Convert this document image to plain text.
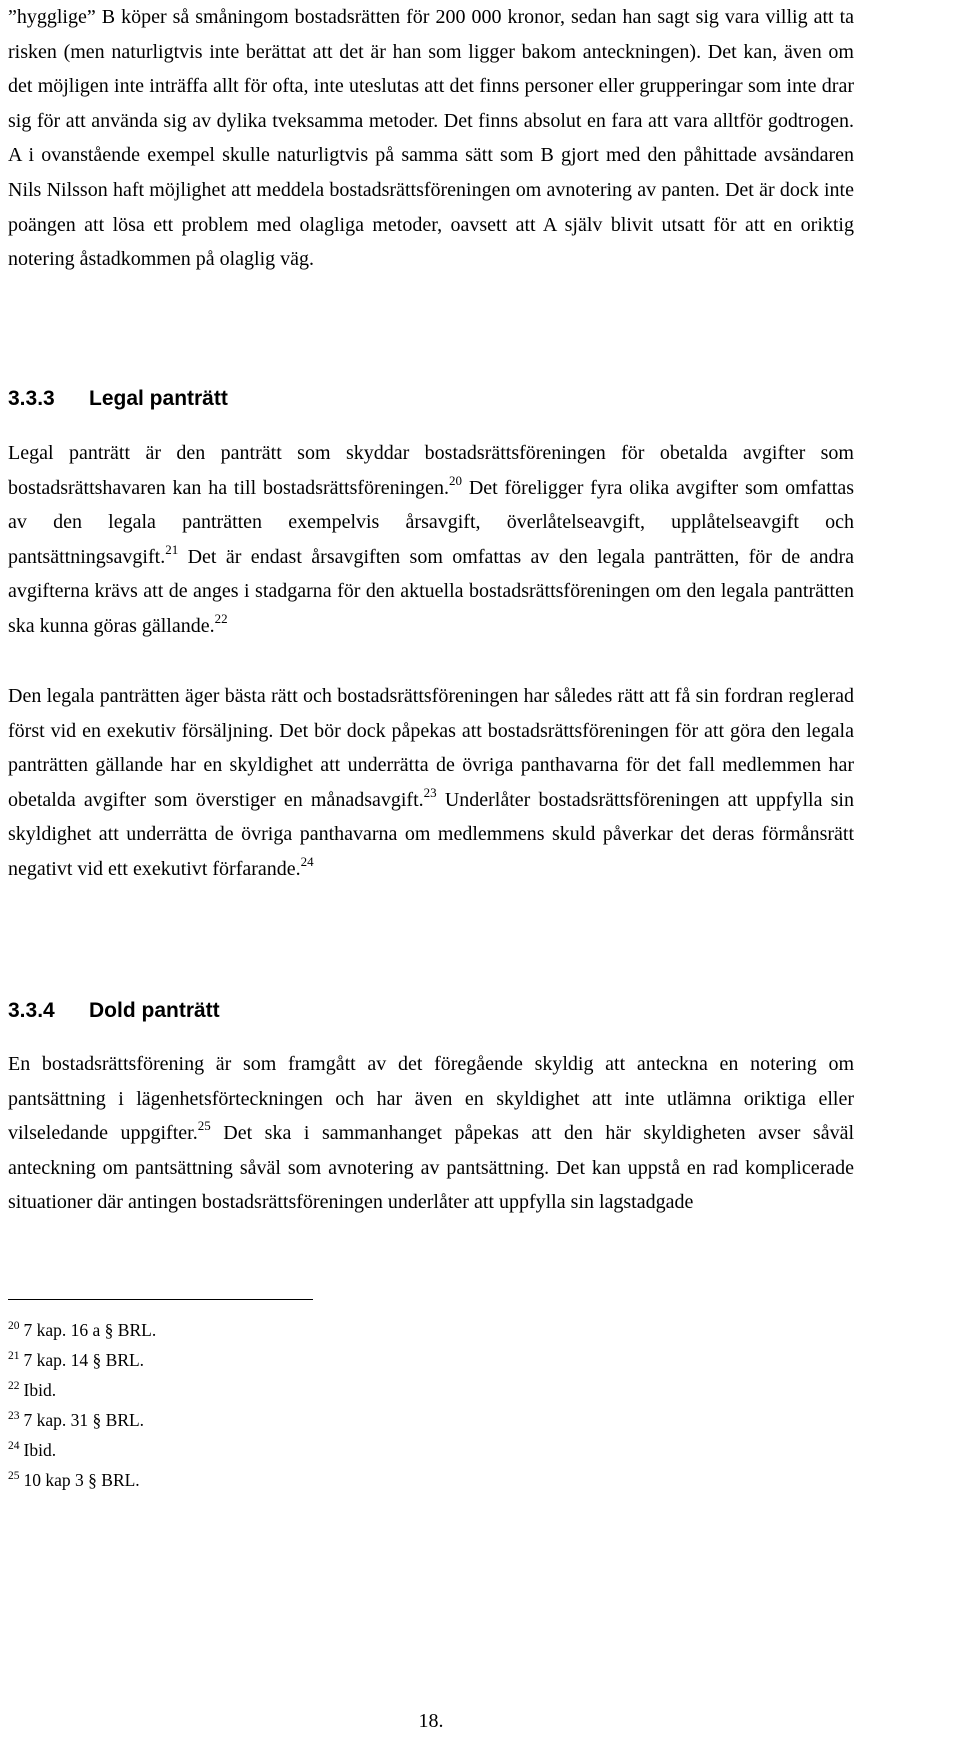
”hygglige” B köper så småningom bostadsrätten för 200 000 kronor, sedan han sagt sig vara villig att ta risken (men naturligtvis inte berättat att det är han som ligger bakom anteckningen). Det kan, även om det möjligen inte inträffa allt för ofta, inte uteslutas att det finns personer eller grupperingar som inte drar sig för att använda sig av dylika tveksamma metoder. Det finns absolut en fara att vara alltför godtrogen. A i ovanstående exempel skulle naturligtvis på samma sätt som B gjort med den påhittade avsändaren Nils Nilsson haft möjlighet att meddela bostadsrättsföreningen om avnotering av panten. Det är dock inte poängen att lösa ett problem med olagliga metoder, oavsett att A själv blivit utsatt för att en oriktig notering åstadkommen på olaglig väg.

3.3.3	Legal panträtt

Legal panträtt är den panträtt som skyddar bostadsrättsföreningen för obetalda avgifter som bostadsrättshavaren kan ha till bostadsrättsföreningen.$^{20}$ Det föreligger fyra olika avgifter som omfattas av den legala panträtten exempelvis årsavgift, överlåtelseavgift, upplåtelseavgift och pantsättningsavgift.$^{21}$ Det är endast årsavgiften som omfattas av den legala panträtten, för de andra avgifterna krävs att de anges i stadgarna för den aktuella bostadsrättsföreningen om den legala panträtten ska kunna göras gällande.$^{22}$

Den legala panträtten äger bästa rätt och bostadsrättsföreningen har således rätt att få sin fordran reglerad först vid en exekutiv försäljning. Det bör dock påpekas att bostadsrättsföreningen för att göra den legala panträtten gällande har en skyldighet att underrätta de övriga panthavarna för det fall medlemmen har obetalda avgifter som överstiger en månadsavgift.$^{23}$ Underlåter bostadsrättsföreningen att uppfylla sin skyldighet att underrätta de övriga panthavarna om medlemmens skuld påverkar det deras förmånsrätt negativt vid ett exekutivt förfarande.$^{24}$

3.3.4	Dold panträtt

En bostadsrättsförening är som framgått av det föregående skyldig att anteckna en notering om pantsättning i lägenhetsförteckningen och har även en skyldighet att inte utlämna oriktiga eller vilseledande uppgifter.$^{25}$ Det ska i sammanhanget påpekas att den här skyldigheten avser såväl anteckning om pantsättning såväl som avnotering av pantsättning. Det kan uppstå en rad komplicerade situationer där antingen bostadsrättsföreningen underlåter att uppfylla sin lagstadgade

$^{20}$ 7 kap. 16 a § BRL.
$^{21}$ 7 kap. 14 § BRL.
$^{22}$ Ibid.
$^{23}$ 7 kap. 31 § BRL.
$^{24}$ Ibid.
$^{25}$ 10 kap 3 § BRL.
18.
